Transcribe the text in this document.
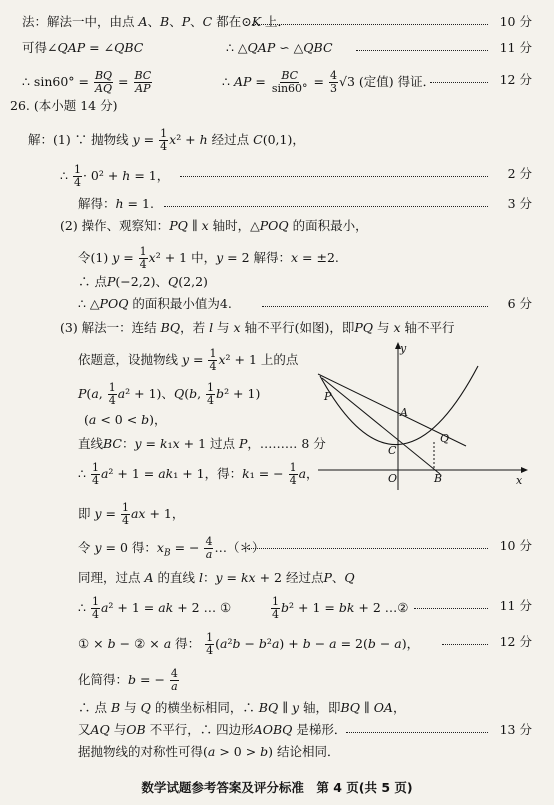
法：解法一中，由点 A、B、P、C 都在⊙K 上．	10 分
可得∠QAP = ∠QBC	∴ △QAP ∽ △QBC	11 分
∴ $\sin 60^\circ = \frac{BQ}{AQ} = \frac{BC}{AP}$	∴ AP = $\frac{BC}{\sin 60^\circ} = \frac{4}{3} √3$ (定值) 得证．	12 分
26. (本小题 14 分)
解：(1) ∵ 抛物线 $y = \frac{1}{4} x^2 + h$ 经过点 C(0,1)，
∴ $\frac{1}{4} \cdot 0^2 + h = 1$，	2 分
解得：h = 1.	3 分
(2) 操作、观察知：PQ ∥ x 轴时，△POQ 的面积最小，
令(1) $y = \frac{1}{4} x^2 + 1$ 中，y = 2 解得：x = ±2.
∴ 点P(−2,2)、Q(2,2)
∴ △POQ 的面积最小值为4.	6 分
(3) 解法一：连结 BQ，若 l 与 x 轴不平行(如图)，即PQ 与 x 轴不平行
依题意，设抛物线 $y = \frac{1}{4} x^2 + 1$ 上的点
P(a, $\frac{1}{4} a^2 + 1$)、Q(b, $\frac{1}{4} b^2 + 1$)
(a < 0 < b)，
直线BC：y = k₁x + 1 过点 P，……… 8 分
∴ $\frac{1}{4} a^2 + 1 = ak_1 + 1$，得：k₁ = − $\frac{1}{4}$ a，
即 $y = \frac{1}{4}$ ax + 1，
令 y = 0 得：$x_B$ = − $\frac{4}{a}$ …（＊）	10 分
同理，过点 A 的直线 l：y = kx + 2 经过点P、Q
∴ $\frac{1}{4} a^2 + 1$ = ak + 2 … ①	$\frac{1}{4} b^2 + 1$ = bk + 2 …②	11 分
① × b − ② × a 得： $\frac{1}{4} (a^2b - b^2a) + b - a = 2(b - a)$，	12 分
化简得：b = − $\frac{4}{a}$
∴ 点 B 与 Q 的横坐标相同，∴ BQ ∥ y 轴，即BQ ∥ OA，
又AQ 与OB 不平行，∴ 四边形AOBQ 是梯形．	13 分
据抛物线的对称性可得(a > 0 > b) 结论相同．
y
x
P
A
C
Q
O	B
数学试题参考答案及评分标准　第 4 页(共 5 页)
